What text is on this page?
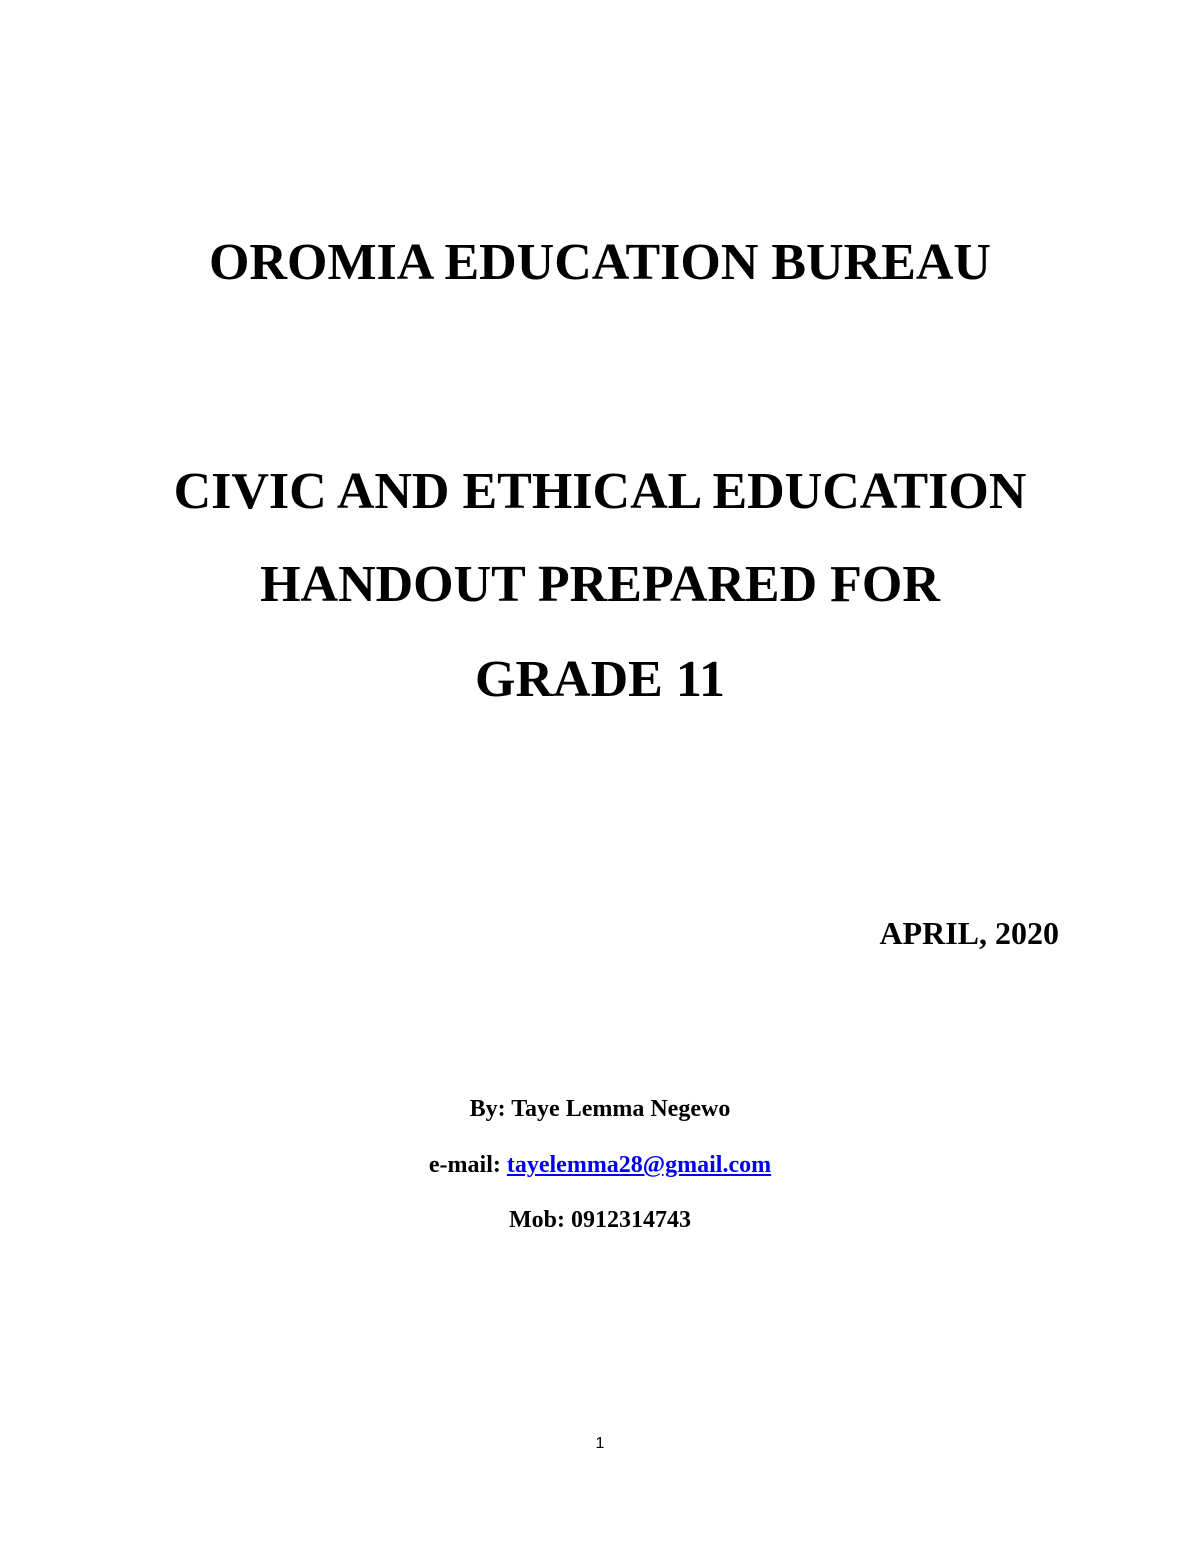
OROMIA EDUCATION BUREAU
CIVIC AND ETHICAL EDUCATION
HANDOUT PREPARED FOR
GRADE 11
APRIL, 2020
By: Taye Lemma Negewo
e-mail: tayelemma28@gmail.com
Mob: 0912314743
1
